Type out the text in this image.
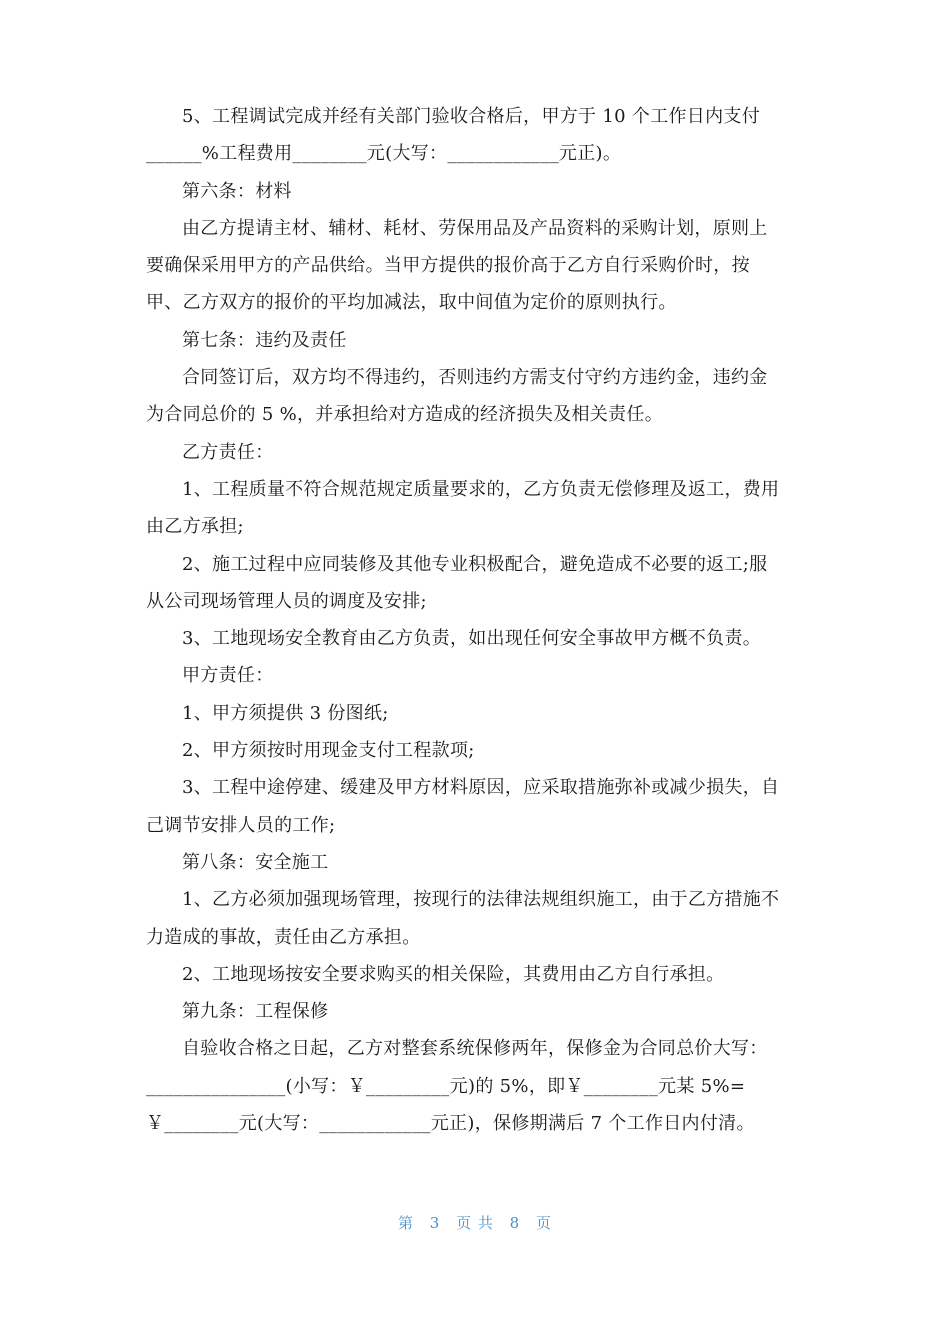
5、工程调试完成并经有关部门验收合格后，甲方于 10 个工作日内支付
______%工程费用________元(大写：____________元正)。
第六条：材料
由乙方提请主材、辅材、耗材、劳保用品及产品资料的采购计划，原则上
要确保采用甲方的产品供给。当甲方提供的报价高于乙方自行采购价时，按
甲、乙方双方的报价的平均加减法，取中间值为定价的原则执行。
第七条：违约及责任
合同签订后，双方均不得违约，否则违约方需支付守约方违约金，违约金
为合同总价的 5 %，并承担给对方造成的经济损失及相关责任。
乙方责任：
1、工程质量不符合规范规定质量要求的，乙方负责无偿修理及返工，费用
由乙方承担;
2、施工过程中应同装修及其他专业积极配合，避免造成不必要的返工;服
从公司现场管理人员的调度及安排;
3、工地现场安全教育由乙方负责，如出现任何安全事故甲方概不负责。
甲方责任：
1、甲方须提供 3 份图纸;
2、甲方须按时用现金支付工程款项;
3、工程中途停建、缓建及甲方材料原因，应采取措施弥补或减少损失，自
己调节安排人员的工作;
第八条：安全施工
1、乙方必须加强现场管理，按现行的法律法规组织施工，由于乙方措施不
力造成的事故，责任由乙方承担。
2、工地现场按安全要求购买的相关保险，其费用由乙方自行承担。
第九条：工程保修
自验收合格之日起，乙方对整套系统保修两年，保修金为合同总价大写：
_______________(小写：￥_________元)的 5%，即￥________元某 5%=
￥________元(大写：____________元正)，保修期满后 7 个工作日内付清。
第 3 页 共 8 页
